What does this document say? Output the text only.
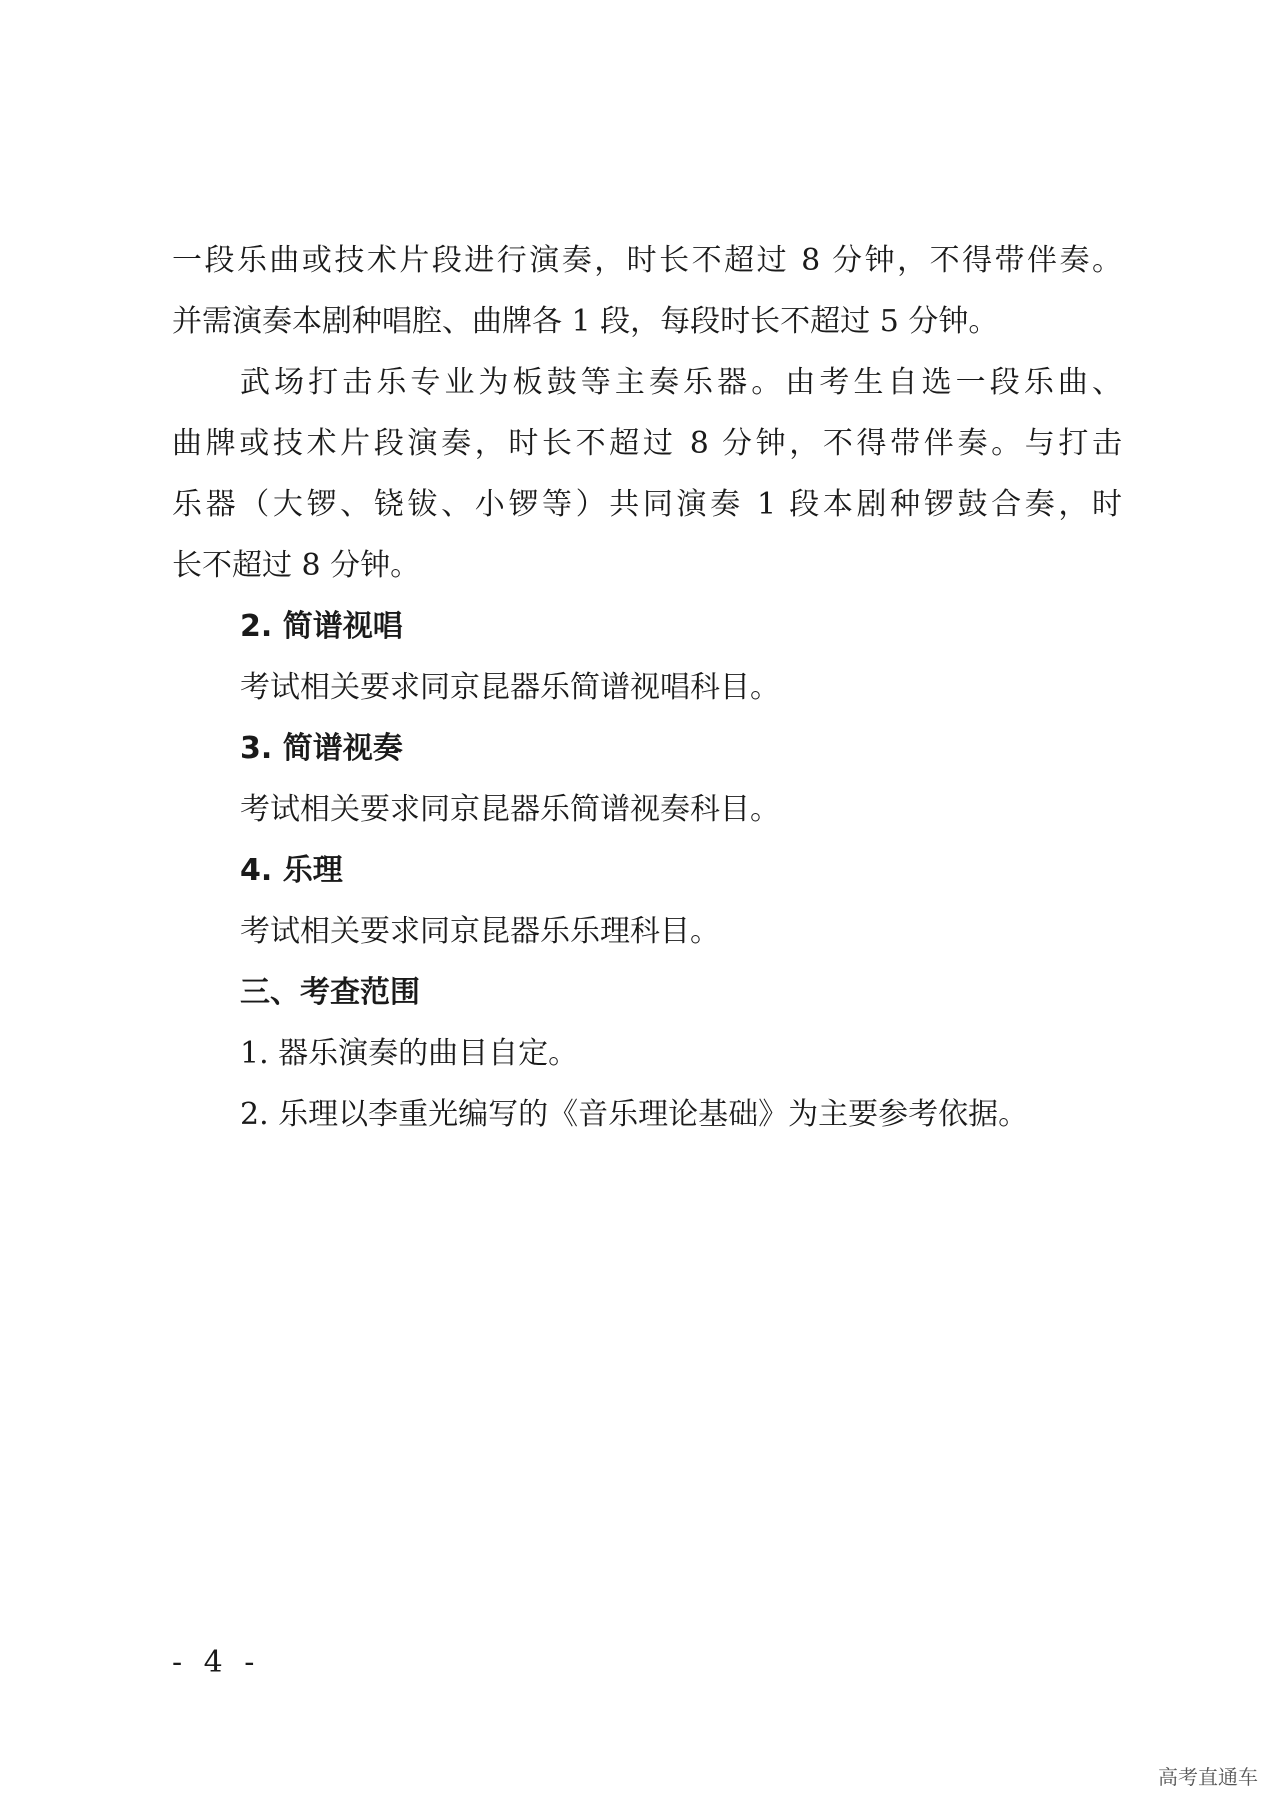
一段乐曲或技术片段进行演奏，时长不超过 8 分钟，不得带伴奏。
并需演奏本剧种唱腔、曲牌各 1 段，每段时长不超过 5 分钟。
武场打击乐专业为板鼓等主奏乐器。由考生自选一段乐曲、
曲牌或技术片段演奏，时长不超过 8 分钟，不得带伴奏。与打击
乐器（大锣、铙钹、小锣等）共同演奏 1 段本剧种锣鼓合奏，时
长不超过 8 分钟。
2. 简谱视唱
考试相关要求同京昆器乐简谱视唱科目。
3. 简谱视奏
考试相关要求同京昆器乐简谱视奏科目。
4. 乐理
考试相关要求同京昆器乐乐理科目。
三、考查范围
1. 器乐演奏的曲目自定。
2. 乐理以李重光编写的《音乐理论基础》为主要参考依据。
- 4 -
高考直通车
